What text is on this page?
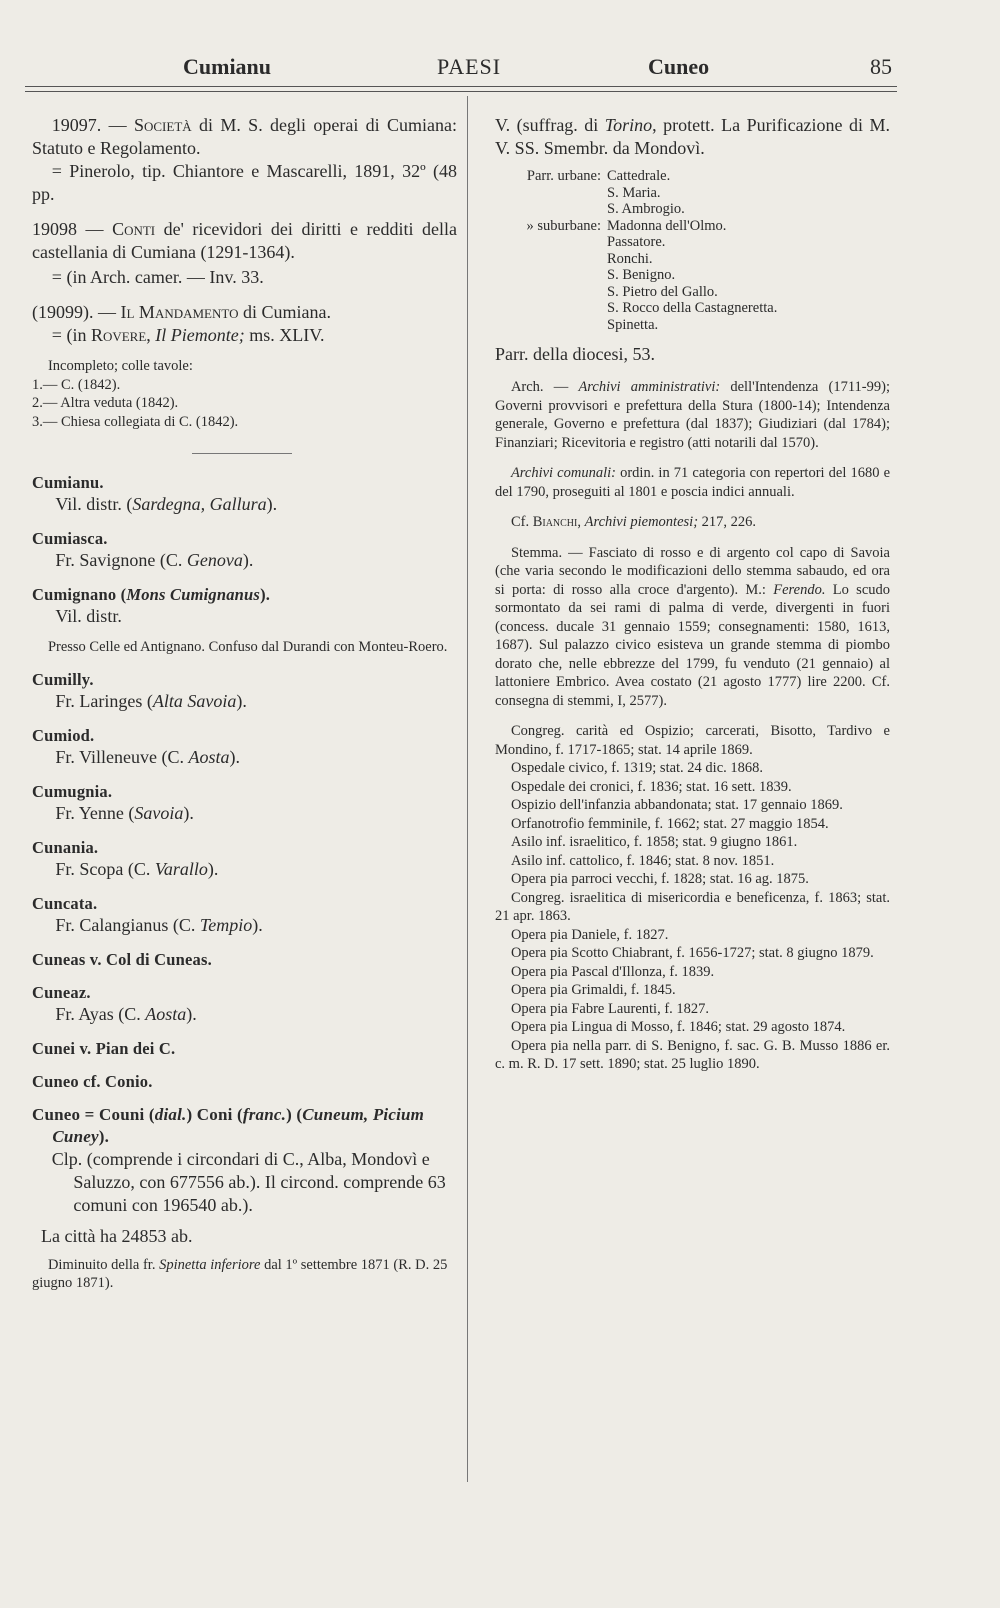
Cumianu	PAESI	Cuneo	85

19097. — Società di M. S. degli operai di Cumiana: Statuto e Regolamento.

= Pinerolo, tip. Chiantore e Mascarelli, 1891, 32º (48 pp.

19098 — Conti de' ricevidori dei diritti e redditi della castellania di Cumiana (1291-1364).

= (in Arch. camer. — Inv. 33.

(19099). — Il Mandamento di Cumiana.

= (in Rovere, Il Piemonte; ms. XLIV.

Incompleto; colle tavole:

1.— C. (1842).

2.— Altra veduta (1842).

3.— Chiesa collegiata di C. (1842).

Cumianu.

Vil. distr. (Sardegna, Gallura).

Cumiasca.

Fr. Savignone (C. Genova).

Cumignano (Mons Cumignanus).

Vil. distr.

Presso Celle ed Antignano. Confuso dal Durandi con Monteu-Roero.

Cumilly.

Fr. Laringes (Alta Savoia).

Cumiod.

Fr. Villeneuve (C. Aosta).

Cumugnia.

Fr. Yenne (Savoia).

Cunania.

Fr. Scopa (C. Varallo).

Cuncata.

Fr. Calangianus (C. Tempio).

Cuneas v. Col di Cuneas.

Cuneaz.

Fr. Ayas (C. Aosta).

Cunei v. Pian dei C.

Cuneo cf. Conio.

Cuneo = Couni (dial.) Coni (franc.) (Cuneum, Picium Cuney).

Clp. (comprende i circondari di C., Alba, Mondovì e Saluzzo, con 677556 ab.). Il circond. comprende 63 comuni con 196540 ab.).

La città ha 24853 ab.

Diminuito della fr. Spinetta inferiore dal 1º settembre 1871 (R. D. 25 giugno 1871).

V. (suffrag. di Torino, protett. La Purificazione di M. V. SS. Smembr. da Mondovì.

Parr. urbane: Cattedrale.
S. Maria.
S. Ambrogio.
» suburbane: Madonna dell'Olmo.
Passatore.
Ronchi.
S. Benigno.
S. Pietro del Gallo.
S. Rocco della Castagneretta.
Spinetta.

Parr. della diocesi, 53.

Arch. — Archivi amministrativi: dell'Intendenza (1711-99); Governi provvisori e prefettura della Stura (1800-14); Intendenza generale, Governo e prefettura (dal 1837); Giudiziari (dal 1784); Finanziari; Ricevitoria e registro (atti notarili dal 1570).

Archivi comunali: ordin. in 71 categoria con repertori del 1680 e del 1790, proseguiti al 1801 e poscia indici annuali.

Cf. Bianchi, Archivi piemontesi; 217, 226.

Stemma. — Fasciato di rosso e di argento col capo di Savoia (che varia secondo le modificazioni dello stemma sabaudo, ed ora si porta: di rosso alla croce d'argento). M.: Ferendo. Lo scudo sormontato da sei rami di palma di verde, divergenti in fuori (concess. ducale 31 gennaio 1559; consegnamenti: 1580, 1613, 1687). Sul palazzo civico esisteva un grande stemma di piombo dorato che, nelle ebbrezze del 1799, fu venduto (21 gennaio) al lattoniere Embrico. Avea costato (21 agosto 1777) lire 2200. Cf. consegna di stemmi, I, 2577).

Congreg. carità ed Ospizio; carcerati, Bisotto, Tardivo e Mondino, f. 1717-1865; stat. 14 aprile 1869.

Ospedale civico, f. 1319; stat. 24 dic. 1868.

Ospedale dei cronici, f. 1836; stat. 16 sett. 1839.

Ospizio dell'infanzia abbandonata; stat. 17 gennaio 1869.

Orfanotrofio femminile, f. 1662; stat. 27 maggio 1854.

Asilo inf. israelitico, f. 1858; stat. 9 giugno 1861.

Asilo inf. cattolico, f. 1846; stat. 8 nov. 1851.

Opera pia parroci vecchi, f. 1828; stat. 16 ag. 1875.

Congreg. israelitica di misericordia e beneficenza, f. 1863; stat. 21 apr. 1863.

Opera pia Daniele, f. 1827.

Opera pia Scotto Chiabrant, f. 1656-1727; stat. 8 giugno 1879.

Opera pia Pascal d'Illonza, f. 1839.

Opera pia Grimaldi, f. 1845.

Opera pia Fabre Laurenti, f. 1827.

Opera pia Lingua di Mosso, f. 1846; stat. 29 agosto 1874.

Opera pia nella parr. di S. Benigno, f. sac. G. B. Musso 1886 er. c. m. R. D. 17 sett. 1890; stat. 25 luglio 1890.
